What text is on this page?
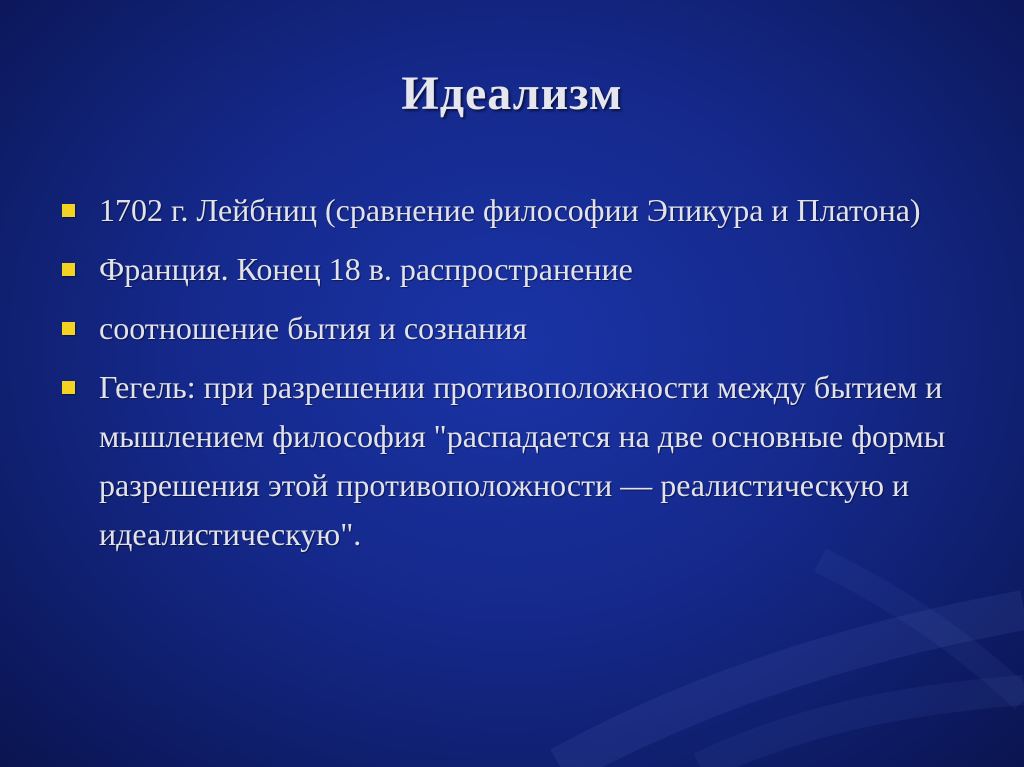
Идеализм
1702 г. Лейбниц (сравнение философии Эпикура и Платона)
Франция. Конец 18 в. распространение
соотношение бытия и сознания
Гегель: при разрешении противоположности между бытием и мышлением философия "распадается на две основные формы разрешения этой противоположности — реалистическую и идеалистическую".
